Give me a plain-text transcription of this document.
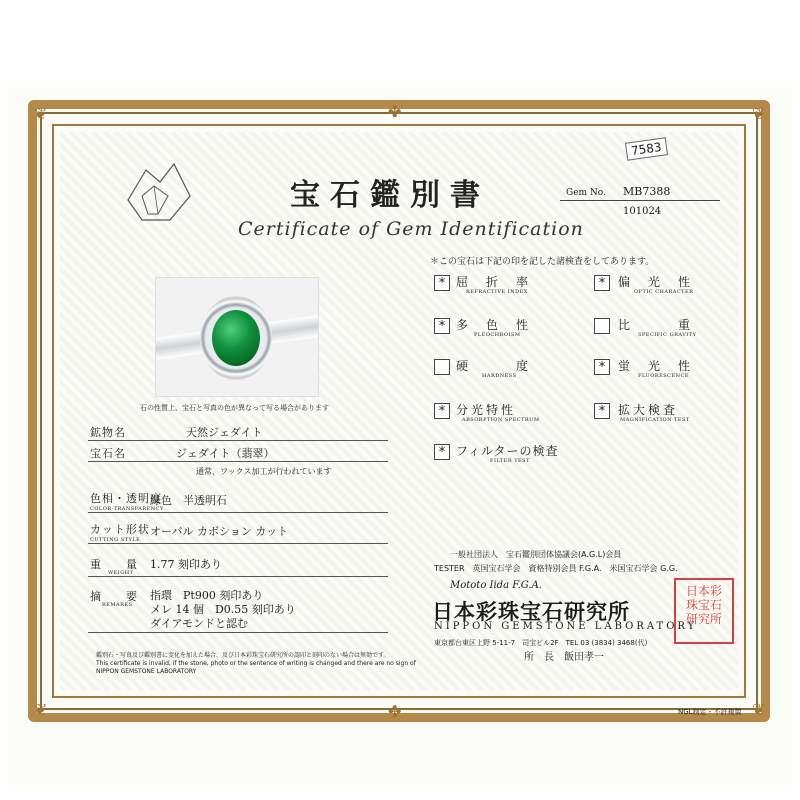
❦	❦
❦	❦
✤
✤
7583
宝石鑑別書
Certificate of Gem Identification
Gem No. MB7388
101024
石の性質上、宝石と写真の色が異なって写る場合があります
鉱物名	天然ジェダイト
宝石名	ジェダイト（翡翠）
通常、ワックス加工が行われています
色相・透明度
COLOR·TRANSPARENCY
緑色　半透明石
カット形状
CUTTING STYLE
オーバル カボション カット
重　　量
WEIGHT
1.77 刻印あり
摘　　要
REMARKS
指環　Pt900 刻印あり
メレ 14 個　D0.55 刻印あり
ダイアモンドと認む
＊この宝石は下記の印を記した諸検査をしてあります。
* 屈　折　率
REFRACTIVE INDEX
*	偏　光　性
OPTIC CHARACTER
* 多　色　性
PLEOCHROISM
比　　　重
SPECIFIC GRAVITY
硬　　　度
HARDNESS
*	蛍　光　性
FLUORESCENCE
* 分光特性
ABSORPTION SPECTRUM
*	拡大検査
MAGNIFICATION TEST
* フィルターの検査
FILTER TEST
一般社団法人　宝石鑑別団体協議会(A.G.L)会員
TESTER　英国宝石学会　資格特別会員 F.G.A.　米国宝石学会 G.G.
Mototo Iida F.G.A.
日本彩珠宝石研究所
NIPPON GEMSTONE LABORATORY
東京都台東区上野 5-11-7　司宝ビル2F　TEL 03 (3834) 3468(代)
所　長　飯田孝一
日本彩珠宝石研究所
鑑別石・写真及び鑑別書に変化を加えた場合、及び日本彩珠宝石研究所の認印と刻印のない場合は無効です。
This certificate is invalid, if the stone, photo or the sentence of writing is changed and there are no sign of
NIPPON GEMSTONE LABORATORY
NGL制定・不許複製
